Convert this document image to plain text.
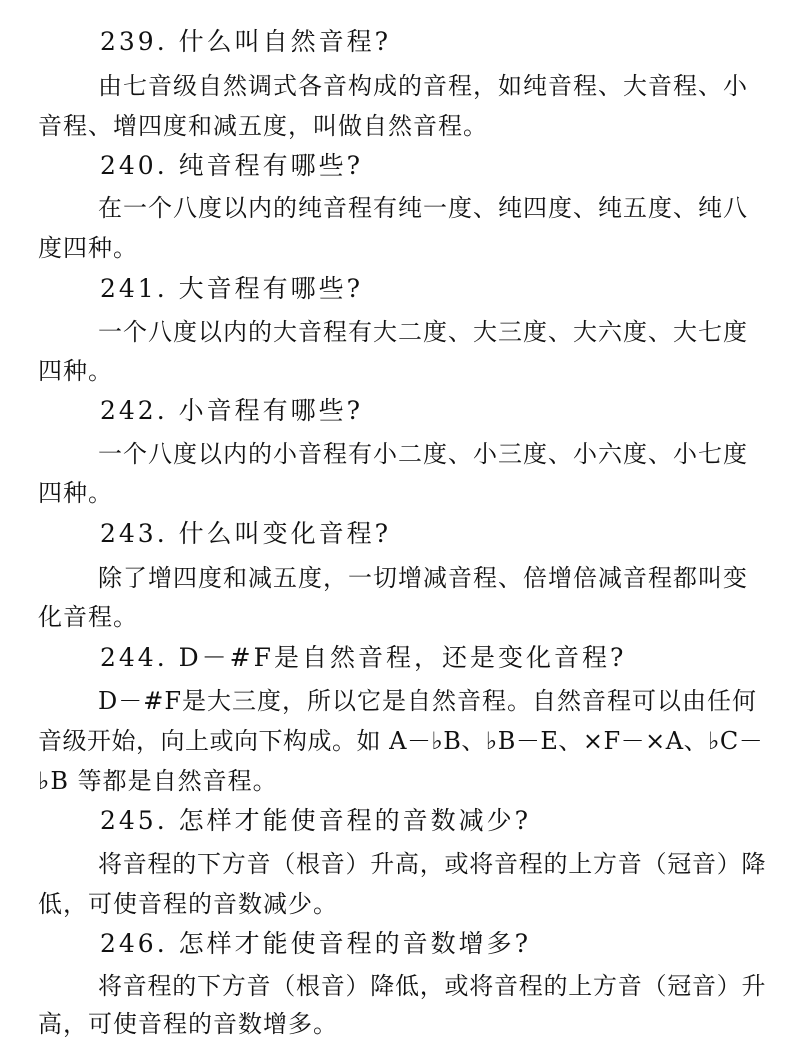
239. 什么叫自然音程?
由七音级自然调式各音构成的音程，如纯音程、大音程、小
音程、增四度和减五度，叫做自然音程。
240. 纯音程有哪些?
在一个八度以内的纯音程有纯一度、纯四度、纯五度、纯八
度四种。
241. 大音程有哪些?
一个八度以内的大音程有大二度、大三度、大六度、大七度
四种。
242. 小音程有哪些?
一个八度以内的小音程有小二度、小三度、小六度、小七度
四种。
243. 什么叫变化音程?
除了增四度和减五度，一切增减音程、倍增倍减音程都叫变
化音程。
244. D－#F是自然音程，还是变化音程?
D－#F是大三度，所以它是自然音程。自然音程可以由任何
音级开始，向上或向下构成。如 A－♭B、♭B－E、×F－×A、♭C－
♭B 等都是自然音程。
245. 怎样才能使音程的音数减少?
将音程的下方音（根音）升高，或将音程的上方音（冠音）降
低，可使音程的音数减少。
246. 怎样才能使音程的音数增多?
将音程的下方音（根音）降低，或将音程的上方音（冠音）升
高，可使音程的音数增多。
